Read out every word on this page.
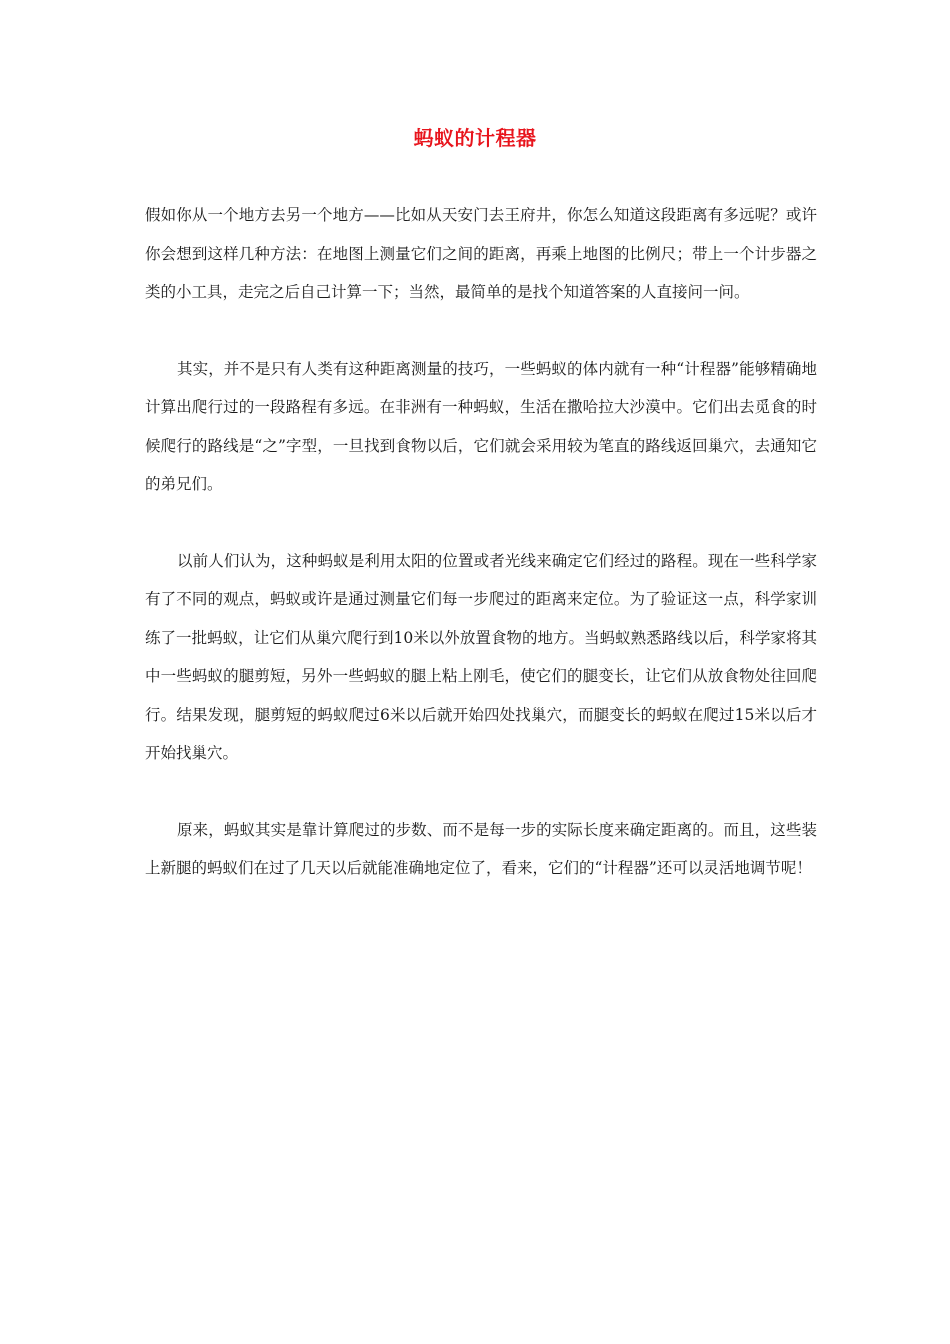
蚂蚁的计程器

假如你从一个地方去另一个地方——比如从天安门去王府井，你怎么知道这段距离有多远呢？或许你会想到这样几种方法：在地图上测量它们之间的距离，再乘上地图的比例尺；带上一个计步器之类的小工具，走完之后自己计算一下；当然，最简单的是找个知道答案的人直接问一问。

其实，并不是只有人类有这种距离测量的技巧，一些蚂蚁的体内就有一种“计程器”能够精确地计算出爬行过的一段路程有多远。在非洲有一种蚂蚁，生活在撒哈拉大沙漠中。它们出去觅食的时候爬行的路线是“之”字型，一旦找到食物以后，它们就会采用较为笔直的路线返回巢穴，去通知它的弟兄们。

以前人们认为，这种蚂蚁是利用太阳的位置或者光线来确定它们经过的路程。现在一些科学家有了不同的观点，蚂蚁或许是通过测量它们每一步爬过的距离来定位。为了验证这一点，科学家训练了一批蚂蚁，让它们从巢穴爬行到10米以外放置食物的地方。当蚂蚁熟悉路线以后，科学家将其中一些蚂蚁的腿剪短，另外一些蚂蚁的腿上粘上刚毛，使它们的腿变长，让它们从放食物处往回爬行。结果发现，腿剪短的蚂蚁爬过6米以后就开始四处找巢穴，而腿变长的蚂蚁在爬过15米以后才开始找巢穴。

原来，蚂蚁其实是靠计算爬过的步数、而不是每一步的实际长度来确定距离的。而且，这些装上新腿的蚂蚁们在过了几天以后就能准确地定位了，看来，它们的“计程器”还可以灵活地调节呢！
